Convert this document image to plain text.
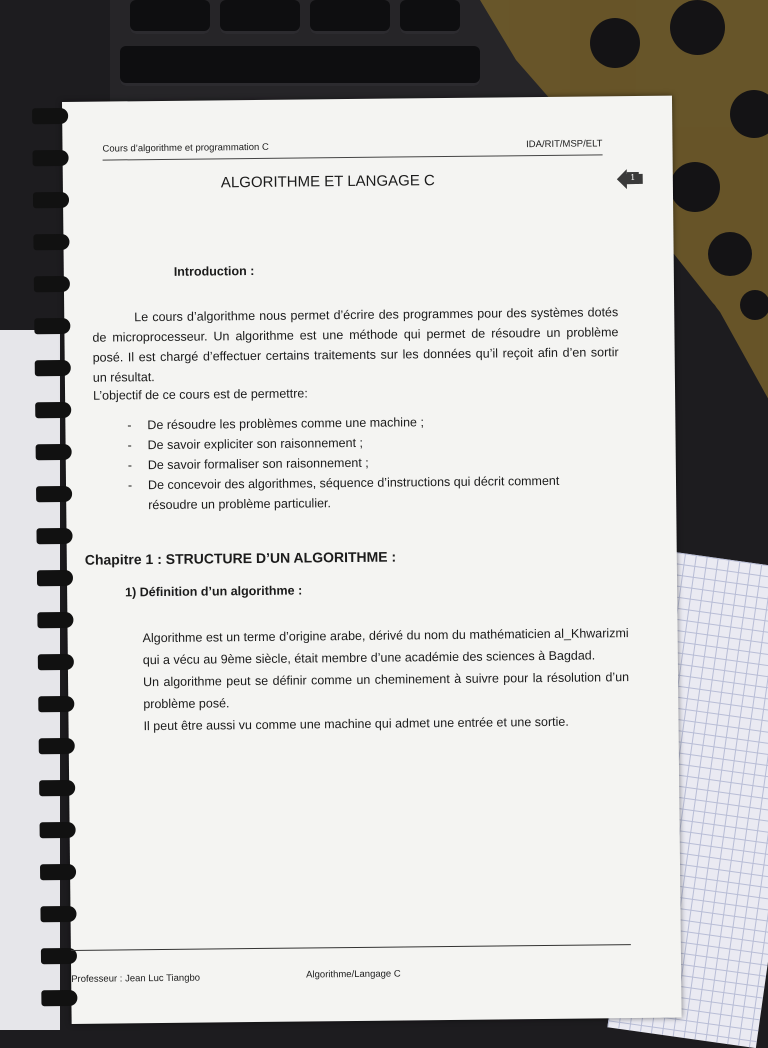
Cours d’algorithme et programmation C	IDA/RIT/MSP/ELT
ALGORITHME ET LANGAGE C	1
Introduction :

Le cours d’algorithme nous permet d’écrire des programmes pour des systèmes dotés de microprocesseur. Un algorithme est une méthode qui permet de résoudre un problème posé. Il est chargé d’effectuer certains traitements sur les données qu’il reçoit afin d’en sortir un résultat.

L’objectif de ce cours est de permettre:

- De résoudre les problèmes comme une machine ;
- De savoir expliciter son raisonnement ;
- De savoir formaliser son raisonnement ;
- De concevoir des algorithmes, séquence d’instructions qui décrit comment résoudre un problème particulier.
Chapitre 1 : STRUCTURE D’UN ALGORITHME :
1) Définition d’un algorithme :

Algorithme est un terme d’origine arabe, dérivé du nom du mathématicien al_Khwarizmi qui a vécu au 9ème siècle, était membre d’une académie des sciences à Bagdad.

Un algorithme peut se définir comme un cheminement à suivre pour la résolution d’un problème posé.

Il peut être aussi vu comme une machine qui admet une entrée et une sortie.

Professeur : Jean Luc Tiangbo	Algorithme/Langage C
